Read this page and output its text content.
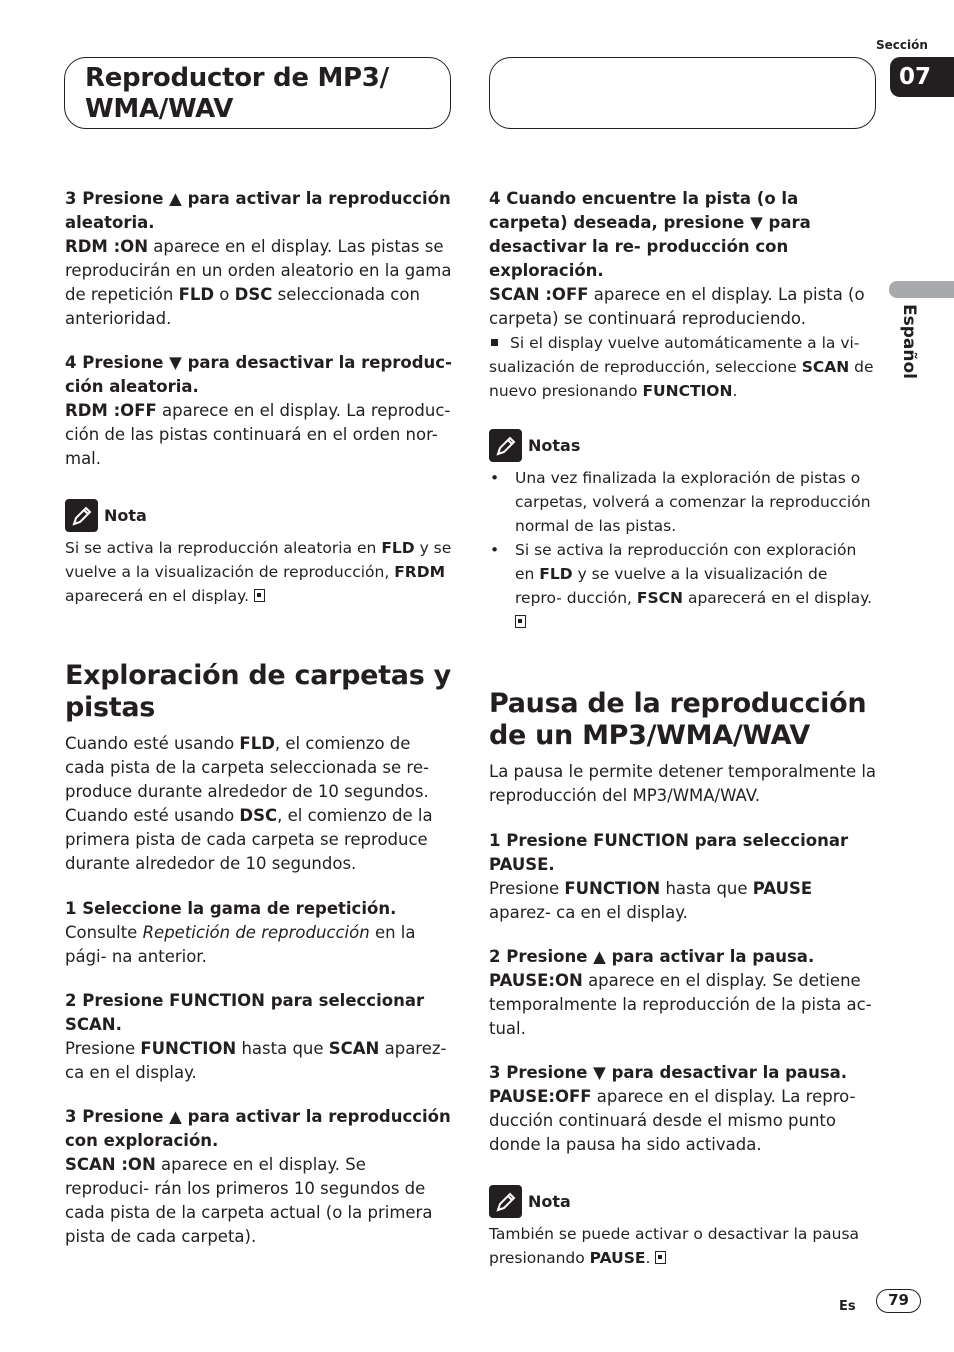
Reproductor de MP3/
WMA/WAV
Sección
07
Español

3 Presione ▲ para activar la reproducción aleatoria.

RDM :ON aparece en el display. Las pistas se reproducirán en un orden aleatorio en la gama de repetición FLD o DSC seleccionada con anterioridad.

4 Presione ▼ para desactivar la reproduc- ción aleatoria.

RDM :OFF aparece en el display. La reproduc- ción de las pistas continuará en el orden nor- mal.

Nota

Si se activa la reproducción aleatoria en FLD y se vuelve a la visualización de reproducción, FRDM aparecerá en el display.

Exploración de carpetas y pistas

Cuando esté usando FLD, el comienzo de cada pista de la carpeta seleccionada se re- produce durante alrededor de 10 segundos. Cuando esté usando DSC, el comienzo de la primera pista de cada carpeta se reproduce durante alrededor de 10 segundos.

1 Seleccione la gama de repetición.

Consulte Repetición de reproducción en la pági- na anterior.

2 Presione FUNCTION para seleccionar SCAN.

Presione FUNCTION hasta que SCAN aparez- ca en el display.

3 Presione ▲ para activar la reproducción con exploración.

SCAN :ON aparece en el display. Se reproduci- rán los primeros 10 segundos de cada pista de la carpeta actual (o la primera pista de cada carpeta).

4 Cuando encuentre la pista (o la carpeta) deseada, presione ▼ para desactivar la re- producción con exploración.

SCAN :OFF aparece en el display. La pista (o carpeta) se continuará reproduciendo.

Si el display vuelve automáticamente a la vi- sualización de reproducción, seleccione SCAN de nuevo presionando FUNCTION.

Notas
• Una vez finalizada la exploración de pistas o carpetas, volverá a comenzar la reproducción normal de las pistas.
• Si se activa la reproducción con exploración en FLD y se vuelve a la visualización de repro- ducción, FSCN aparecerá en el display.
Pausa de la reproducción de un MP3/WMA/WAV

La pausa le permite detener temporalmente la reproducción del MP3/WMA/WAV.

1 Presione FUNCTION para seleccionar PAUSE.

Presione FUNCTION hasta que PAUSE aparez- ca en el display.

2 Presione ▲ para activar la pausa.

PAUSE:ON aparece en el display. Se detiene temporalmente la reproducción de la pista ac- tual.

3 Presione ▼ para desactivar la pausa.

PAUSE:OFF aparece en el display. La repro- ducción continuará desde el mismo punto donde la pausa ha sido activada.

Nota

También se puede activar o desactivar la pausa presionando PAUSE.

Es	79
